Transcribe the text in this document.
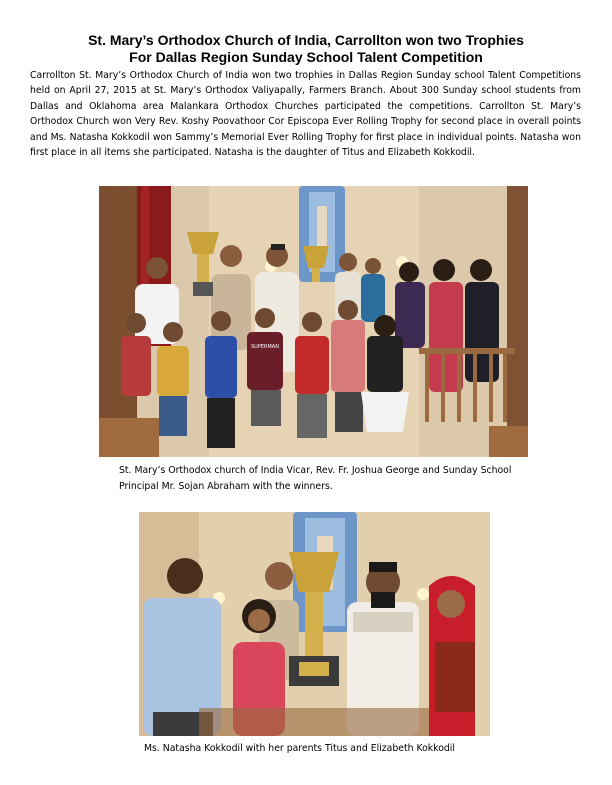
St. Mary’s Orthodox Church of India, Carrollton won two Trophies
For Dallas Region Sunday School Talent Competition
Carrollton St. Mary’s Orthodox Church of India won two trophies in Dallas Region Sunday school Talent Competitions held on April 27, 2015 at St. Mary’s Orthodox Valiyapally, Farmers Branch. About 300 Sunday school students from Dallas and Oklahoma area Malankara Orthodox Churches participated the competitions. Carrollton St. Mary’s Orthodox Church won Very Rev. Koshy Poovathoor Cor Episcopa Ever Rolling Trophy for second place in overall points and Ms. Natasha Kokkodil won Sammy’s Memorial Ever Rolling Trophy for first place in individual points. Natasha won first place in all items she participated. Natasha is the daughter of Titus and Elizabeth Kokkodil.
SUPERMAN
St. Mary’s Orthodox church of India Vicar, Rev. Fr. Joshua George and Sunday School Principal Mr. Sojan Abraham with the winners.
Ms. Natasha Kokkodil with her parents Titus and Elizabeth Kokkodil
